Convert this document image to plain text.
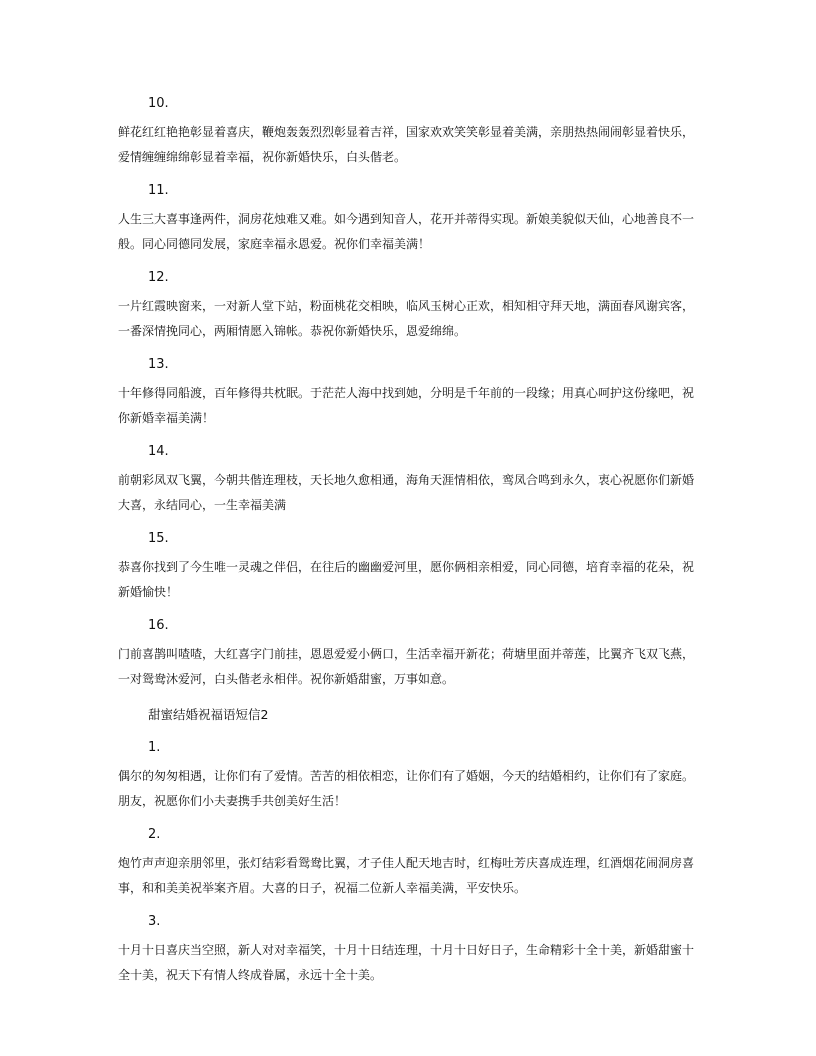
10.

鲜花红红艳艳彰显着喜庆，鞭炮轰轰烈烈彰显着吉祥，国家欢欢笑笑彰显着美满，亲朋热热闹闹彰显着快乐，爱情缠缠绵绵彰显着幸福，祝你新婚快乐，白头偕老。

11.

人生三大喜事逢两件，洞房花烛难又难。如今遇到知音人，花开并蒂得实现。新娘美貌似天仙，心地善良不一般。同心同德同发展，家庭幸福永恩爱。祝你们幸福美满！

12.

一片红霞映窗来，一对新人堂下站，粉面桃花交相映，临风玉树心正欢，相知相守拜天地，满面春风谢宾客，一番深情挽同心，两厢情愿入锦帐。恭祝你新婚快乐，恩爱绵绵。

13.

十年修得同船渡，百年修得共枕眠。于茫茫人海中找到她，分明是千年前的一段缘；用真心呵护这份缘吧，祝你新婚幸福美满！

14.

前朝彩凤双飞翼，今朝共偕连理枝，天长地久愈相通，海角天涯情相依，鸾凤合鸣到永久，衷心祝愿你们新婚大喜，永结同心，一生幸福美满

15.

恭喜你找到了今生唯一灵魂之伴侣，在往后的幽幽爱河里，愿你俩相亲相爱，同心同德，培育幸福的花朵，祝新婚愉快！

16.

门前喜鹊叫喳喳，大红喜字门前挂，恩恩爱爱小俩口，生活幸福开新花；荷塘里面并蒂莲，比翼齐飞双飞燕，一对鸳鸯沐爱河，白头偕老永相伴。祝你新婚甜蜜，万事如意。

甜蜜结婚祝福语短信2

1.

偶尔的匆匆相遇，让你们有了爱情。苦苦的相依相恋，让你们有了婚姻，今天的结婚相约，让你们有了家庭。朋友，祝愿你们小夫妻携手共创美好生活！

2.

炮竹声声迎亲朋邻里，张灯结彩看鸳鸯比翼，才子佳人配天地吉时，红梅吐芳庆喜成连理，红酒烟花闹洞房喜事，和和美美祝举案齐眉。大喜的日子，祝福二位新人幸福美满，平安快乐。

3.

十月十日喜庆当空照，新人对对幸福笑，十月十日结连理，十月十日好日子，生命精彩十全十美，新婚甜蜜十全十美，祝天下有情人终成眷属，永远十全十美。
